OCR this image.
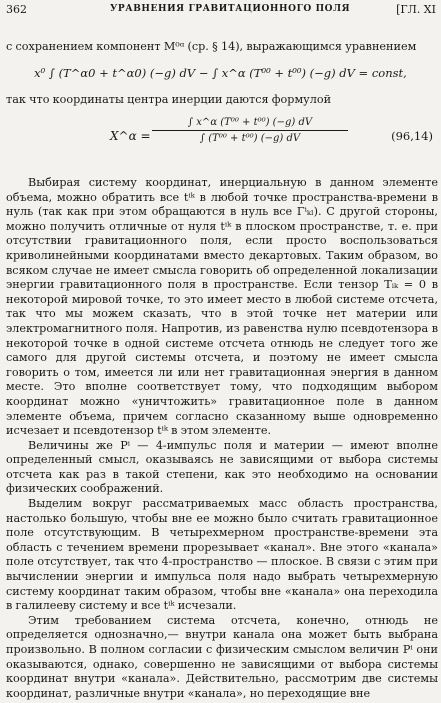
362	УРАВНЕНИЯ ГРАВИТАЦИОННОГО ПОЛЯ	[ГЛ. XI
с сохранением компонент M⁰ᵅ (ср. § 14), выражающимся уравнением
x⁰ ∫ (T^α0 + t^α0) (−g) dV − ∫ x^α (T⁰⁰ + t⁰⁰) (−g) dV = const,
так что координаты центра инерции даются формулой
X^α =
∫ x^α (T⁰⁰ + t⁰⁰) (−g) dV
∫ (T⁰⁰ + t⁰⁰) (−g) dV	(96,14)

Выбирая систему координат, инерциальную в данном элементе объема, можно обратить все tⁱᵏ в любой точке пространства-времени в нуль (так как при этом обращаются в нуль все Γⁱₖₗ). С другой стороны, можно получить отличные от нуля tⁱᵏ в плоском пространстве, т. е. при отсутствии гравитационного поля, если просто воспользоваться криволинейными координатами вместо декартовых. Таким образом, во всяком случае не имеет смысла говорить об определенной локализации энергии гравитационного поля в пространстве. Если тензор Tᵢₖ = 0 в некоторой мировой точке, то это имеет место в любой системе отсчета, так что мы можем сказать, что в этой точке нет материи или электромагнитного поля. Напротив, из равенства нулю псевдотензора в некоторой точке в одной системе отсчета отнюдь не следует того же самого для другой системы отсчета, и поэтому не имеет смысла говорить о том, имеется ли или нет гравитационная энергия в данном месте. Это вполне соответствует тому, что подходящим выбором координат можно «уничтожить» гравитационное поле в данном элементе объема, причем согласно сказанному выше одновременно исчезает и псевдотензор tⁱᵏ в этом элементе.

Величины же Pⁱ — 4-импульс поля и материи — имеют вполне определенный смысл, оказываясь не зависящими от выбора системы отсчета как раз в такой степени, как это необходимо на основании физических соображений.

Выделим вокруг рассматриваемых масс область пространства, настолько большую, чтобы вне ее можно было считать гравитационное поле отсутствующим. В четырехмерном пространстве-времени эта область с течением времени прорезывает «канал». Вне этого «канала» поле отсутствует, так что 4-пространство — плоское. В связи с этим при вычислении энергии и импульса поля надо выбрать четырехмерную систему координат таким образом, чтобы вне «канала» она переходила в галилееву систему и все tⁱᵏ исчезали.

Этим требованием система отсчета, конечно, отнюдь не определяется однозначно,— внутри канала она может быть выбрана произвольно. В полном согласии с физическим смыслом величин Pⁱ они оказываются, однако, совершенно не зависящими от выбора системы координат внутри «канала». Действительно, рассмотрим две системы координат, различные внутри «канала», но переходящие вне
